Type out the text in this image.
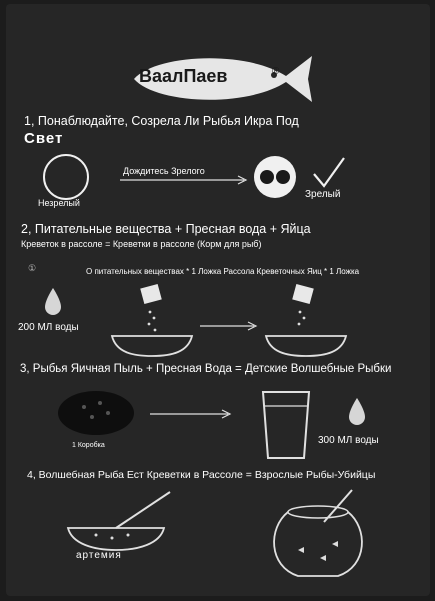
ВаалПаев	®
1, Понаблюдайте, Созрела Ли Рыбья Икра Под
Свет
Незрелый
Дождитесь Зрелого
Зрелый
2, Питательные вещества + Пресная вода + Яйца
Креветок в рассоле = Креветки в рассоле (Корм для рыб)
①	О питательных веществах * 1 Ложка Рассола Креветочных Яиц * 1 Ложка
200 МЛ воды
3, Рыбья Яичная Пыль + Пресная Вода = Детские Волшебные Рыбки
1 Коробка	300 МЛ воды
4, Волшебная Рыба Ест Креветки в Рассоле = Взрослые Рыбы-Убийцы
артемия
